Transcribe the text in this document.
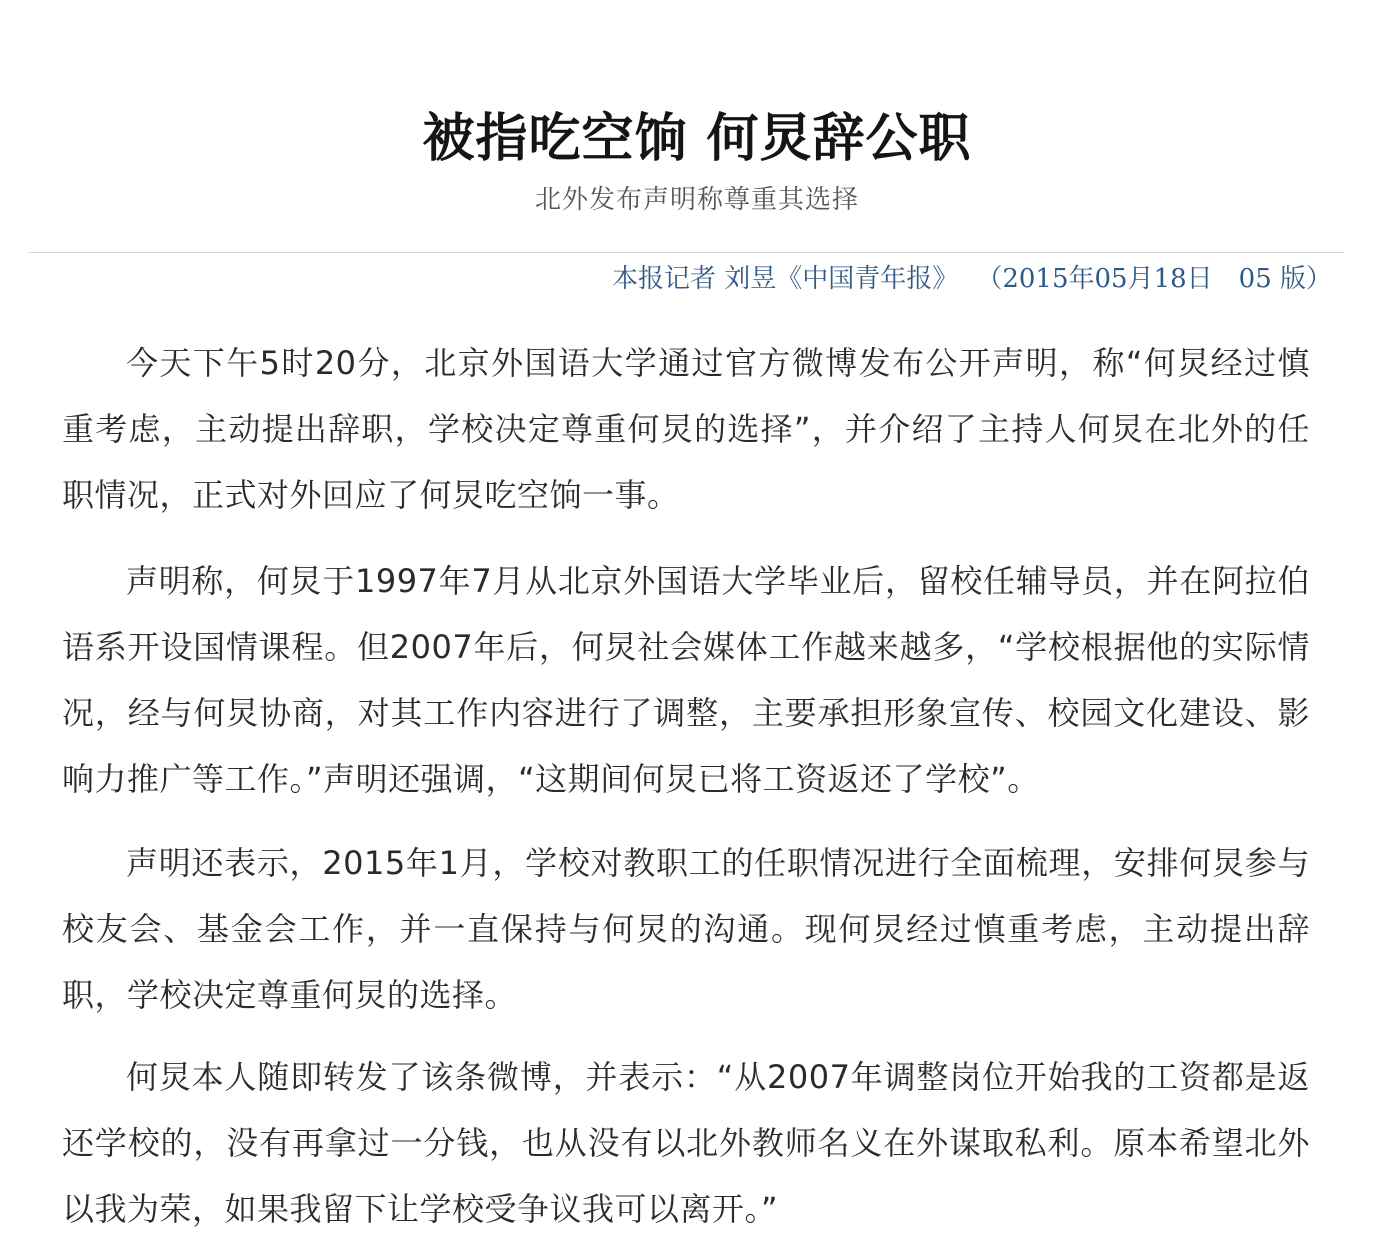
被指吃空饷 何炅辞公职
北外发布声明称尊重其选择
本报记者 刘昱《中国青年报》 （2015年05月18日　05 版）

今天下午5时20分，北京外国语大学通过官方微博发布公开声明，称“何炅经过慎重考虑，主动提出辞职，学校决定尊重何炅的选择”，并介绍了主持人何炅在北外的任职情况，正式对外回应了何炅吃空饷一事。

声明称，何炅于1997年7月从北京外国语大学毕业后，留校任辅导员，并在阿拉伯语系开设国情课程。但2007年后，何炅社会媒体工作越来越多，“学校根据他的实际情况，经与何炅协商，对其工作内容进行了调整，主要承担形象宣传、校园文化建设、影响力推广等工作。”声明还强调，“这期间何炅已将工资返还了学校”。

声明还表示，2015年1月，学校对教职工的任职情况进行全面梳理，安排何炅参与校友会、基金会工作，并一直保持与何炅的沟通。现何炅经过慎重考虑，主动提出辞职，学校决定尊重何炅的选择。

何炅本人随即转发了该条微博，并表示：“从2007年调整岗位开始我的工资都是返还学校的，没有再拿过一分钱，也从没有以北外教师名义在外谋取私利。原本希望北外以我为荣，如果我留下让学校受争议我可以离开。”
